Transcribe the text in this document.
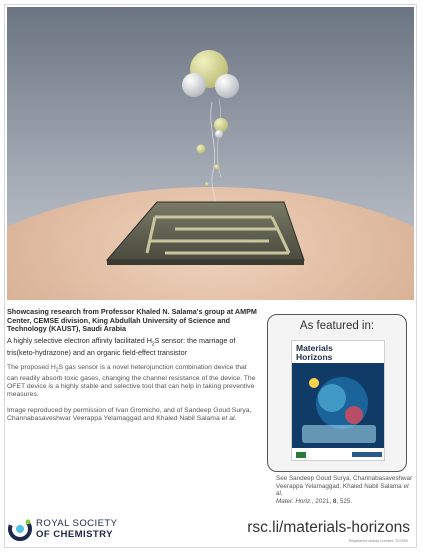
Showcasing research from Professor Khaled N. Salama's group at AMPM Center, CEMSE division, King Abdullah University of Science and Technology (KAUST), Saudi Arabia

A highly selective electron affinity facilitated $H_2S$ sensor: the marriage of tris(keto-hydrazone) and an organic field-effect transistor

The proposed $H_2S$ gas sensor is a novel heterojunction combination device that can readily absorb toxic gases, changing the channel resistance of the device. The OFET device is a highly stable and selective tool that can help in taking preventive measures.

Image reproduced by permission of Ivan Gromicho, and of Sandeep Goud Surya, Channabasaveshwar Veerappa Yelamaggad and Khaled Nabil Salama et al.

As featured in:
Materials
Horizons
See Sandeep Goud Surya, Channabasaveshwar Veerappa Yelamaggad, Khaled Nabil Salama et al,
Mater. Horiz., 2021, 8, 525.
ROYAL SOCIETY
OF CHEMISTRY	rsc.li/materials-horizons
Registered charity number: 207890
